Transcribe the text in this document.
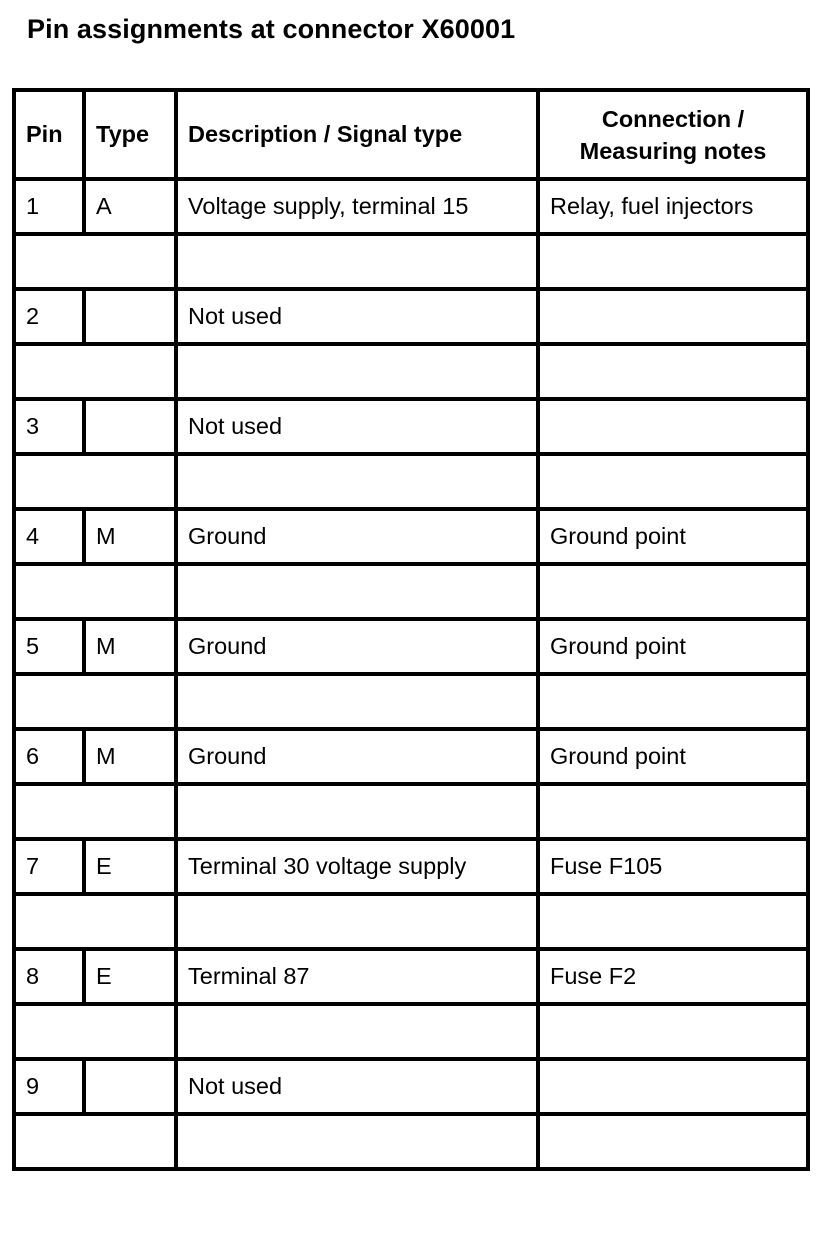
Pin assignments at connector X60001
Pin	Type	Description / Signal type	Connection /
Measuring notes
1	A	Voltage supply, terminal 15	Relay, fuel injectors

2		Not used	

3		Not used	

4	M	Ground	Ground point

5	M	Ground	Ground point

6	M	Ground	Ground point

7	E	Terminal 30 voltage supply	Fuse F105

8	E	Terminal 87	Fuse F2

9		Not used	
